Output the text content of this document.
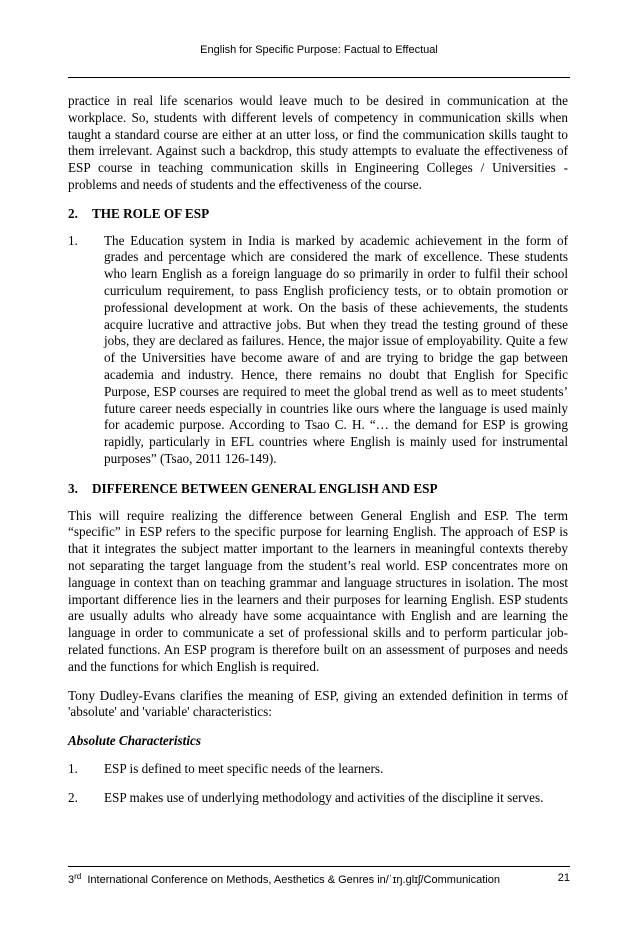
English for Specific Purpose: Factual to Effectual

practice in real life scenarios would leave much to be desired in communication at the workplace. So, students with different levels of competency in communication skills when taught a standard course are either at an utter loss, or find the communication skills taught to them irrelevant. Against such a backdrop, this study attempts to evaluate the effectiveness of ESP course in teaching communication skills in Engineering Colleges / Universities - problems and needs of students and the effectiveness of the course.

2. THE ROLE OF ESP
1.	The Education system in India is marked by academic achievement in the form of grades and percentage which are considered the mark of excellence. These students who learn English as a foreign language do so primarily in order to fulfil their school curriculum requirement, to pass English proficiency tests, or to obtain promotion or professional development at work. On the basis of these achievements, the students acquire lucrative and attractive jobs. But when they tread the testing ground of these jobs, they are declared as failures. Hence, the major issue of employability. Quite a few of the Universities have become aware of and are trying to bridge the gap between academia and industry. Hence, there remains no doubt that English for Specific Purpose, ESP courses are required to meet the global trend as well as to meet students’ future career needs especially in countries like ours where the language is used mainly for academic purpose. According to Tsao C. H. “… the demand for ESP is growing rapidly, particularly in EFL countries where English is mainly used for instrumental purposes” (Tsao, 2011 126-149).
3. DIFFERENCE BETWEEN GENERAL ENGLISH AND ESP

This will require realizing the difference between General English and ESP. The term “specific” in ESP refers to the specific purpose for learning English. The approach of ESP is that it integrates the subject matter important to the learners in meaningful contexts thereby not separating the target language from the student’s real world. ESP concentrates more on language in context than on teaching grammar and language structures in isolation. The most important difference lies in the learners and their purposes for learning English. ESP students are usually adults who already have some acquaintance with English and are learning the language in order to communicate a set of professional skills and to perform particular job-related functions. An ESP program is therefore built on an assessment of purposes and needs and the functions for which English is required.

Tony Dudley-Evans clarifies the meaning of ESP, giving an extended definition in terms of 'absolute' and 'variable' characteristics:

Absolute Characteristics
1.	ESP is defined to meet specific needs of the learners.
2.	ESP makes use of underlying methodology and activities of the discipline it serves.
3rd International Conference on Methods, Aesthetics & Genres in/ˈɪŋ.glɪʃ/Communication	21
